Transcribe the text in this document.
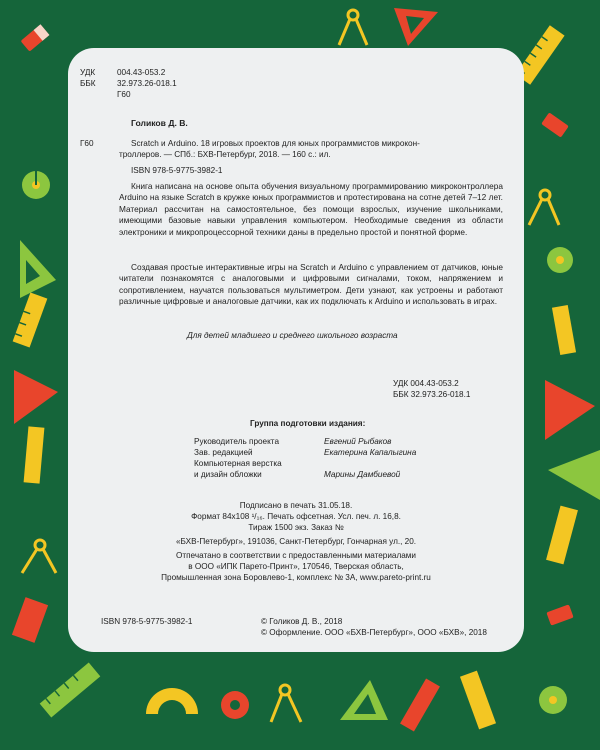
УДК	004.43-053.2
ББК	32.973.26-018.1
Г60
Голиков Д. В.
Г60	Scratch и Arduino. 18 игровых проектов для юных программистов микрокон-
троллеров. — СПб.: БХВ-Петербург, 2018. — 160 с.: ил.
ISBN 978-5-9775-3982-1
Книга написана на основе опыта обучения визуальному программированию микроконтроллера Arduino на языке Scratch в кружке юных программистов и протестирована на сотне детей 7–12 лет. Материал рассчитан на самостоятельное, без помощи взрослых, изучение школьниками, имеющими базовые навыки управления компьютером. Необходимые сведения из области электроники и микропроцессорной техники даны в предельно простой и понятной форме.
Создавая простые интерактивные игры на Scratch и Arduino с управлением от датчиков, юные читатели познакомятся с аналоговыми и цифровыми сигналами, током, напряжением и сопротивлением, научатся пользоваться мультиметром. Дети узнают, как устроены и работают различные цифровые и аналоговые датчики, как их подключать к Arduino и использовать в играх.
Для детей младшего и среднего школьного возраста
УДК 004.43-053.2
ББК 32.973.26-018.1
Группа подготовки издания:
Руководитель проекта	Евгений Рыбаков
Зав. редакцией	Екатерина Капалыгина
Компьютерная верстка
и дизайн обложки	Марины Дамбиевой
Подписано в печать 31.05.18.
Формат 84x108 ¹/₁₆. Печать офсетная. Усл. печ. л. 16,8.
Тираж 1500 экз. Заказ №
«БХВ-Петербург», 191036, Санкт-Петербург, Гончарная ул., 20.
Отпечатано в соответствии с предоставленными материалами
в ООО «ИПК Парето-Принт», 170546, Тверская область,
Промышленная зона Боровлево-1, комплекс № 3А, www.pareto-print.ru
ISBN 978-5-9775-3982-1	© Голиков Д. В., 2018
© Оформление. ООО «БХВ-Петербург», ООО «БХВ», 2018
